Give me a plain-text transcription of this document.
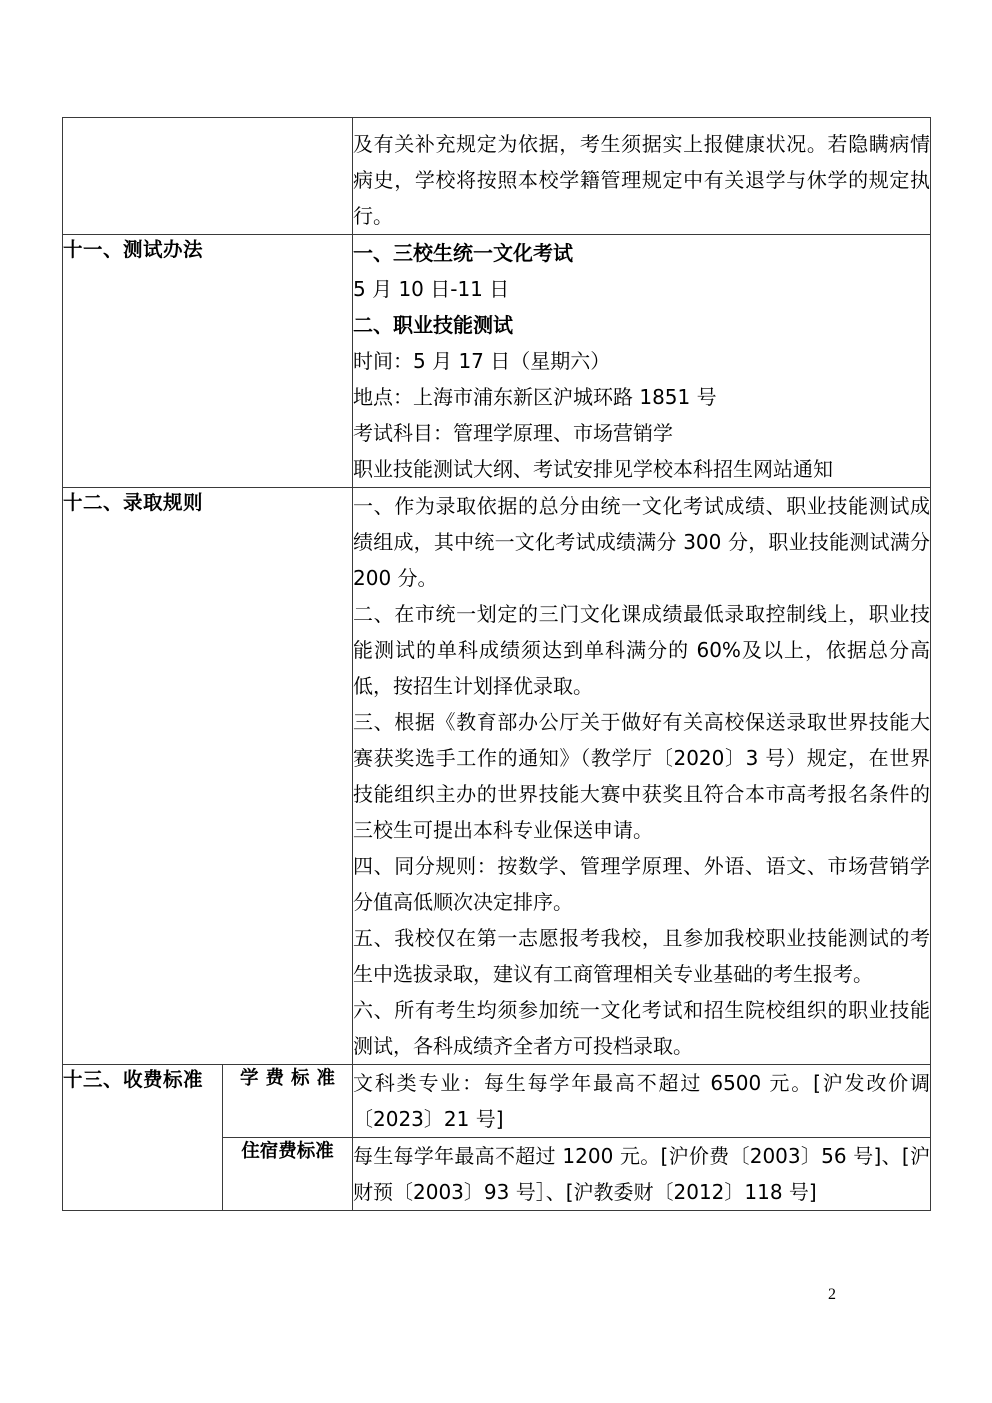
		及有关补充规定为依据，考生须据实上报健康状况。若隐瞒病情病史，学校将按照本校学籍管理规定中有关退学与休学的规定执行。

十一、测试办法	一、三校生统一文化考试

5 月 10 日-11 日

二、职业技能测试

时间：5 月 17 日（星期六）

地点：上海市浦东新区沪城环路 1851 号

考试科目：管理学原理、市场营销学

职业技能测试大纲、考试安排见学校本科招生网站通知

十二、录取规则	一、作为录取依据的总分由统一文化考试成绩、职业技能测试成绩组成，其中统一文化考试成绩满分 300 分，职业技能测试满分 200 分。

二、在市统一划定的三门文化课成绩最低录取控制线上，职业技能测试的单科成绩须达到单科满分的 60%及以上，依据总分高低，按招生计划择优录取。

三、根据《教育部办公厅关于做好有关高校保送录取世界技能大赛获奖选手工作的通知》（教学厅〔2020〕3 号）规定，在世界技能组织主办的世界技能大赛中获奖且符合本市高考报名条件的三校生可提出本科专业保送申请。

四、同分规则：按数学、管理学原理、外语、语文、市场营销学分值高低顺次决定排序。

五、我校仅在第一志愿报考我校，且参加我校职业技能测试的考生中选拔录取，建议有工商管理相关专业基础的考生报考。

六、所有考生均须参加统一文化考试和招生院校组织的职业技能测试，各科成绩齐全者方可投档录取。

十三、收费标准	学费标准	文科类专业：每生每学年最高不超过 6500 元。[沪发改价调〔2023〕21 号]

	住宿费标准	每生每学年最高不超过 1200 元。[沪价费〔2003〕56 号]、[沪财预〔2003〕93 号］、[沪教委财〔2012〕118 号]

2
